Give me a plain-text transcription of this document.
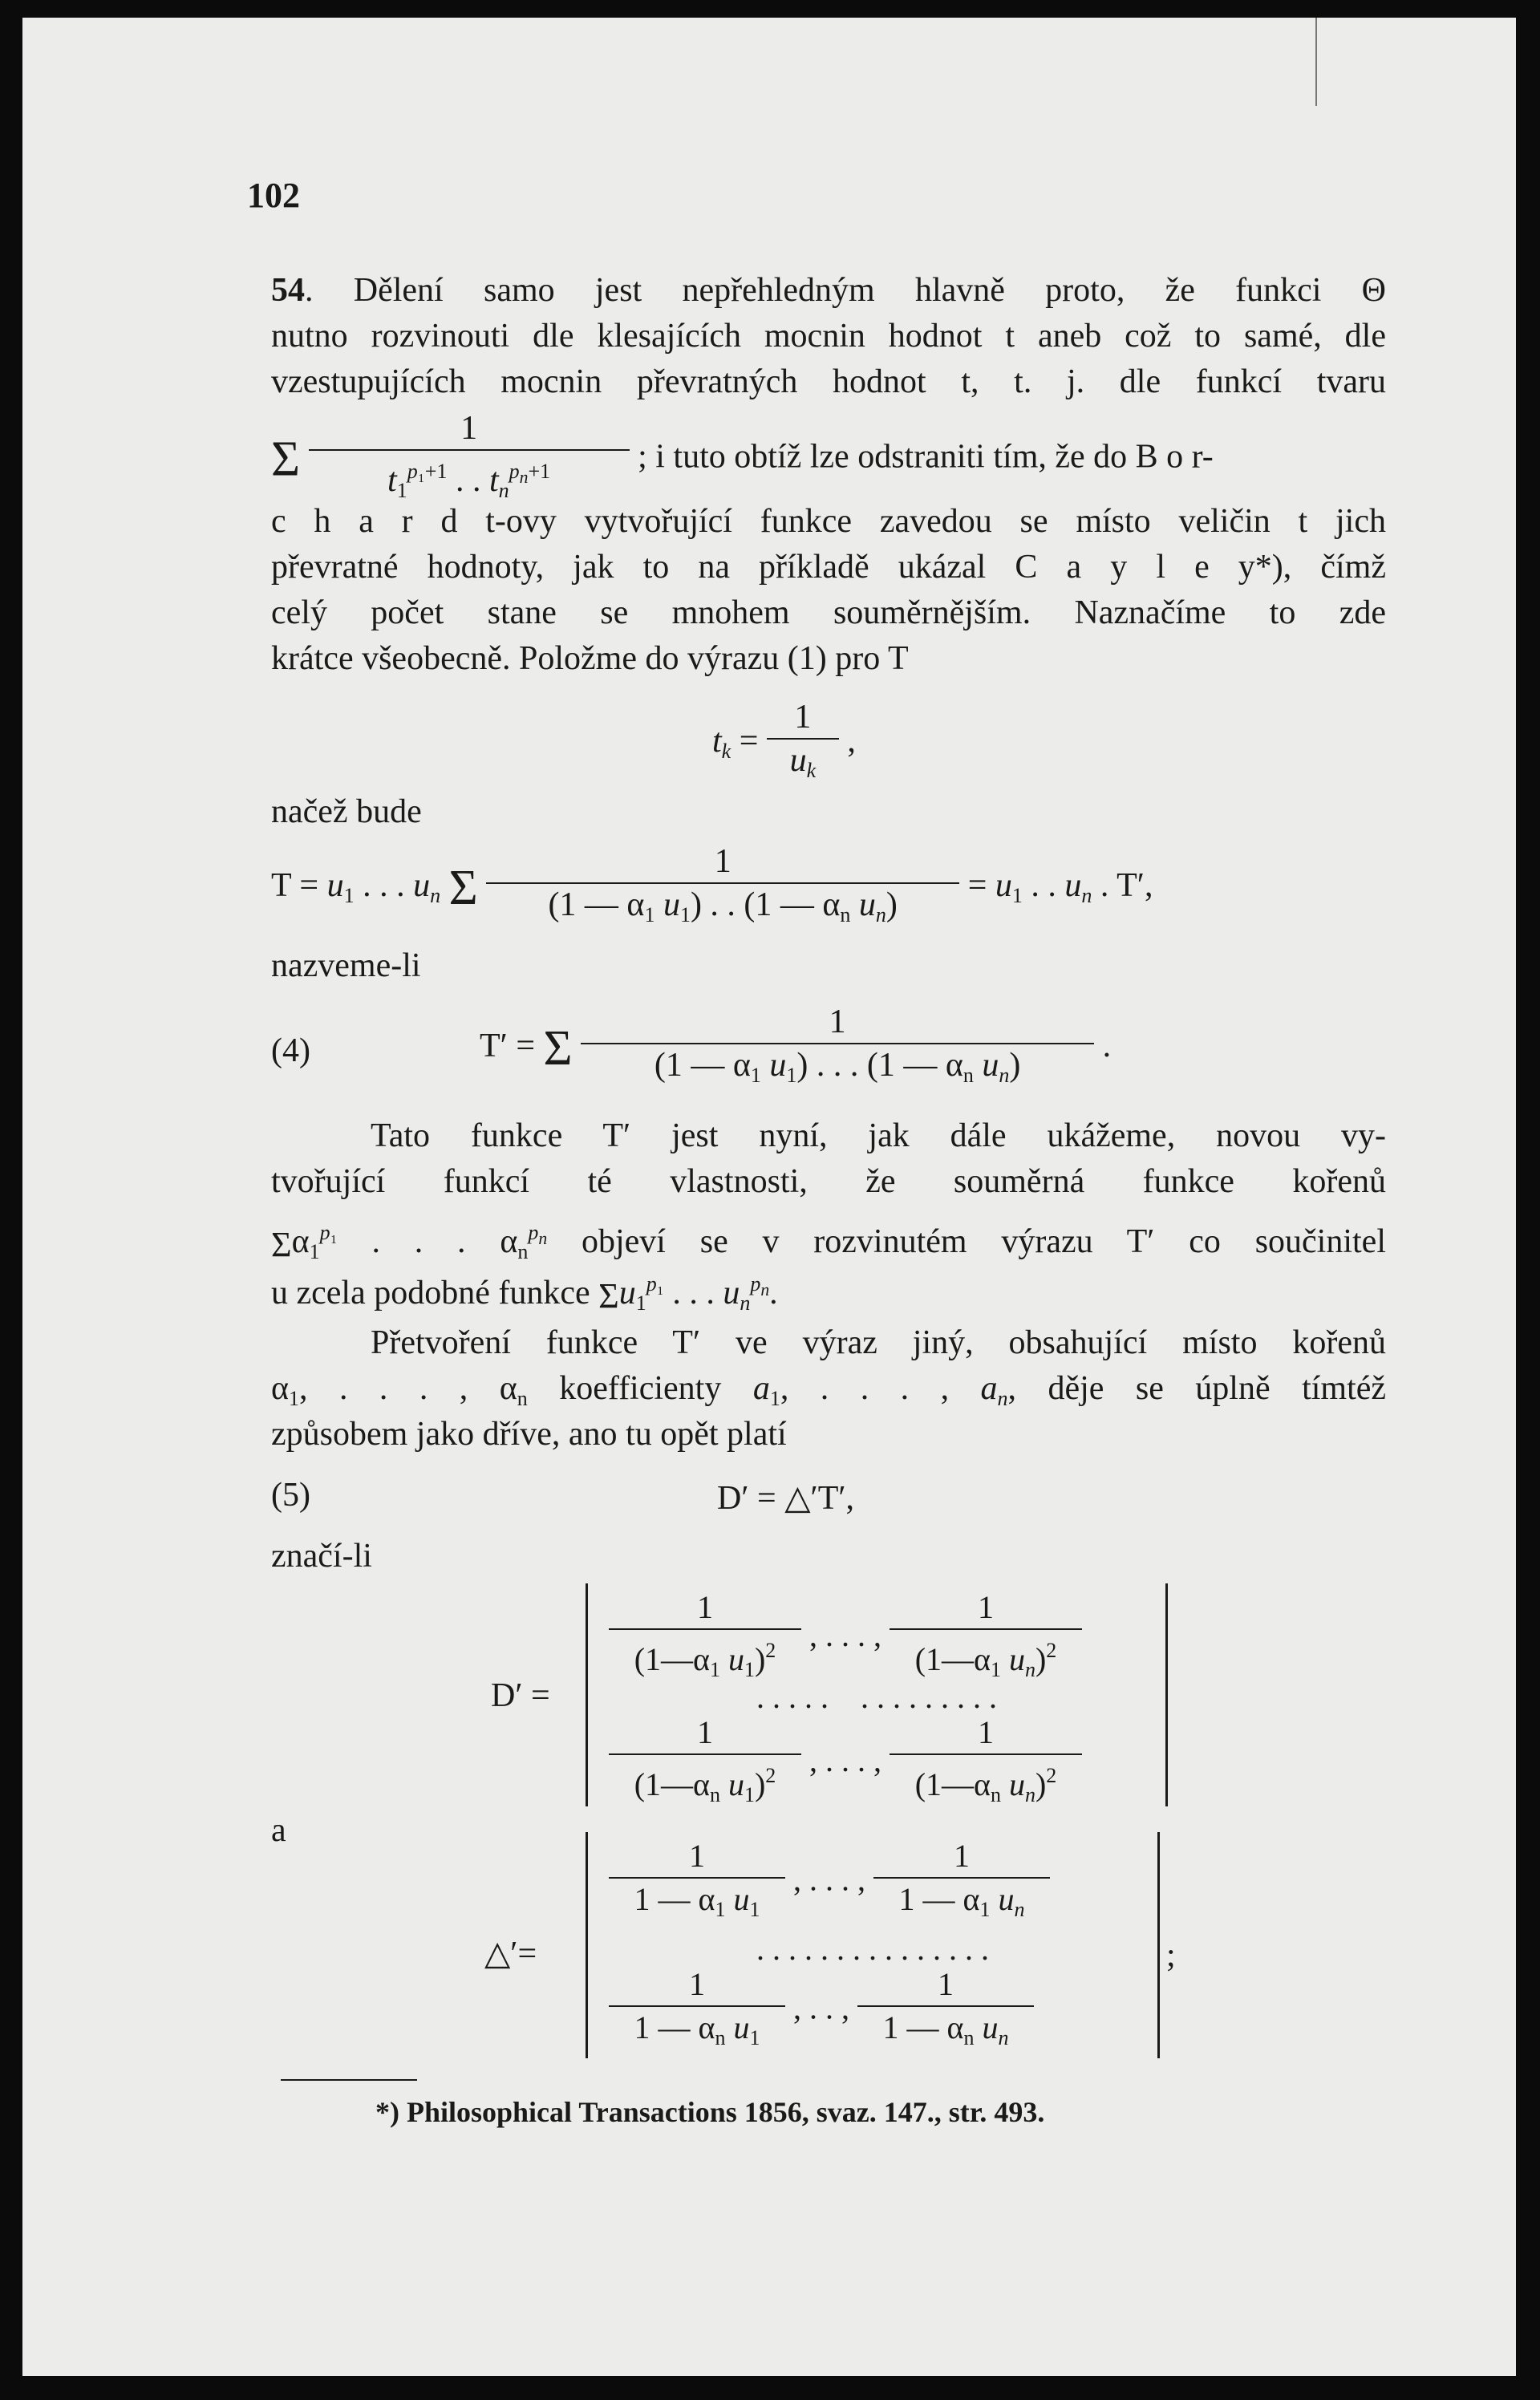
102
54. Dělení samo jest nepřehledným hlavně proto, že funkci Θ
nutno rozvinouti dle klesajících mocnin hodnot t aneb což to samé, dle
vzestupujících mocnin převratných hodnot t, t. j. dle funkcí tvaru
Σ $\frac{1}{t_1^{p_1+1} . . t_n^{p_n+1}}$ ; i tuto obtíž lze odstraniti tím, že do B o r-
c h a r d t-ovy vytvořující funkce zavedou se místo veličin t jich
převratné hodnoty, jak to na příkladě ukázal C a y l e y*), čímž
celý počet stane se mnohem souměrnějším. Naznačíme to zde
krátce všeobecně. Položme do výrazu (1) pro T
$t_k = \frac{1}{u_k}$ ,
načež bude
$T = u_1$ . . . $u_n$ Σ $\frac{1}{(1 — \alpha_1 u_1) . . (1 — \alpha_n u_n)} = u_1$ . . $u_n$ . T′,
nazveme-li
(4)	T′ = Σ $\frac{1}{(1 — \alpha_1 u_1) . . . (1 — \alpha_n u_n)}$ .
Tato funkce T′ jest nyní, jak dále ukážeme, novou vy-
tvořující funkcí té vlastnosti, že souměrná funkce kořenů
$\Sigma\alpha_1^{p_1}$ . . . $\alpha_n^{p_n}$ objeví se v rozvinutém výrazu T′ co součinitel
u zcela podobné funkce $\Sigma u_1^{p_1}$ . . . $u_n^{p_n}$.
Přetvoření funkce T′ ve výraz jiný, obsahující místo kořenů
$\alpha_1$, . . . , $\alpha_n$ koefficienty $a_1$, . . . , $a_n$, děje se úplně tímtéž
způsobem jako dříve, ano tu opět platí
(5)	D′ = △′T′,
značí-li
D′ =
$\frac{1}{(1—\alpha_1 u_1)^2}$ , . . . , $\frac{1}{(1—\alpha_1 u_n)^2}$
. . . . .    . . . . . . . . .
$\frac{1}{(1—\alpha_n u_1)^2}$ , . . . , $\frac{1}{(1—\alpha_n u_n)^2}$
a
△′=
$\frac{1}{1 — \alpha_1 u_1}$ , . . . , $\frac{1}{1 — \alpha_1 u_n}$
. . . . . . . . . . . . . . .
$\frac{1}{1 — \alpha_n u_1}$ , . . , $\frac{1}{1 — \alpha_n u_n}$
;
*) Philosophical Transactions 1856, svaz. 147., str. 493.
